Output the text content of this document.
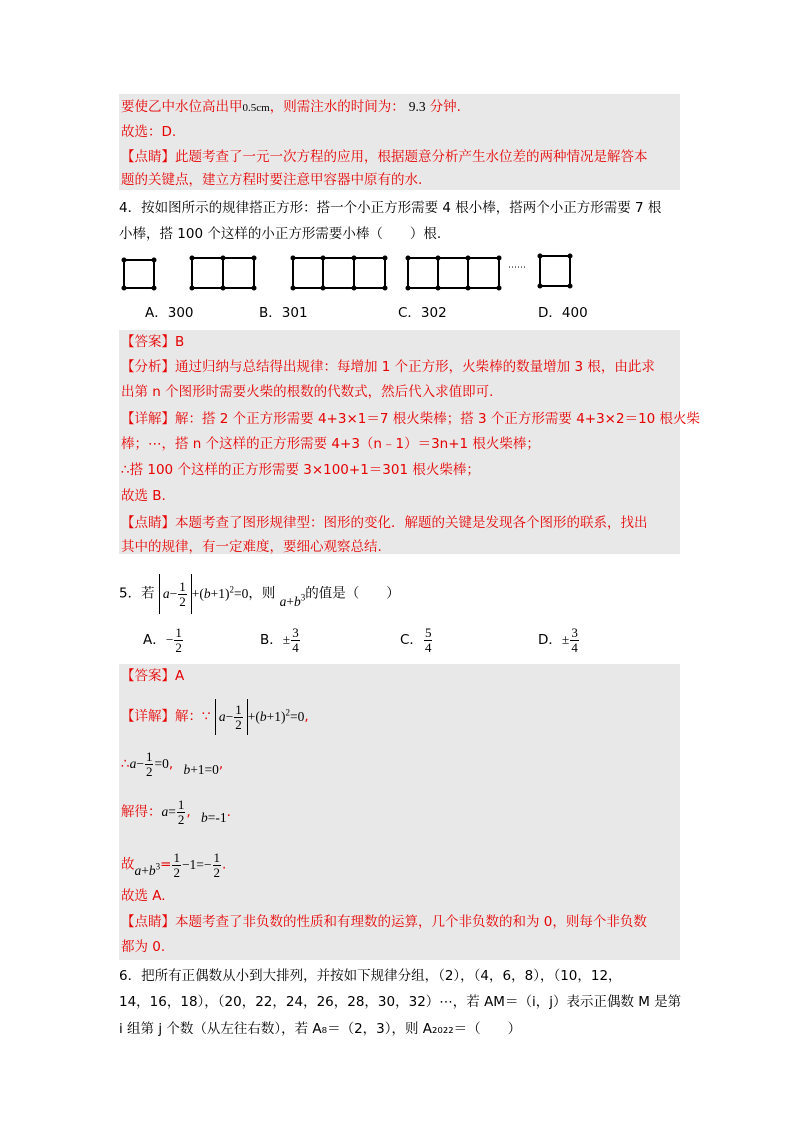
要使乙中水位高出甲0.5cm，则需注水的时间为： 9.3 分钟.
故选：D.
【点睛】此题考查了一元一次方程的应用，根据题意分析产生水位差的两种情况是解答本
题的关键点，建立方程时要注意甲容器中原有的水.
4．按如图所示的规律搭正方形：搭一个小正方形需要 4 根小棒，搭两个小正方形需要 7 根
小棒，搭 100 个这样的小正方形需要小棒（　　）根.
⋯⋯
A．300	B．301	C．302	D．400
【答案】B
【分析】通过归纳与总结得出规律：每增加 1 个正方形，火柴棒的数量增加 3 根，由此求
出第 n 个图形时需要火柴的根数的代数式，然后代入求值即可.
【详解】解：搭 2 个正方形需要 4+3×1＝7 根火柴棒；搭 3 个正方形需要 4+3×2＝10 根火柴
棒；⋯，搭 n 个这样的正方形需要 4+3（n﹣1）＝3n+1 根火柴棒；
∴搭 100 个这样的正方形需要 3×100+1＝301 根火柴棒；
故选 B.
【点睛】本题考查了图形规律型：图形的变化．解题的关键是发现各个图形的联系，找出
其中的规律，有一定难度，要细心观察总结.
5．若 $a- \frac{1}{2} +(b+1)^2=0$，则 $a+b^3$的值是（　　）
A．− $\frac{1}{2}$	B．± $\frac{3}{4}$	C． $\frac{5}{4}$	D．± $\frac{3}{4}$
【答案】A
【详解】解：∵ $a- \frac{1}{2} +(b+1)^2=0$,
∴a− $\frac{1}{2} =0$, b+1=0,
解得：$a= \frac{1}{2}$ , b=-1.
故$a+b^3= \frac{1}{2} -1=- \frac{1}{2}$ .
故选 A.
【点睛】本题考查了非负数的性质和有理数的运算，几个非负数的和为 0，则每个非负数
都为 0.
6．把所有正偶数从小到大排列，并按如下规律分组，（2），（4，6，8），（10，12，
14，16，18），（20，22，24，26，28，30，32）⋯，若 AM＝（i，j）表示正偶数 M 是第
i 组第 j 个数（从左往右数），若 A₈＝（2，3），则 A₂₀₂₂＝（　　）
